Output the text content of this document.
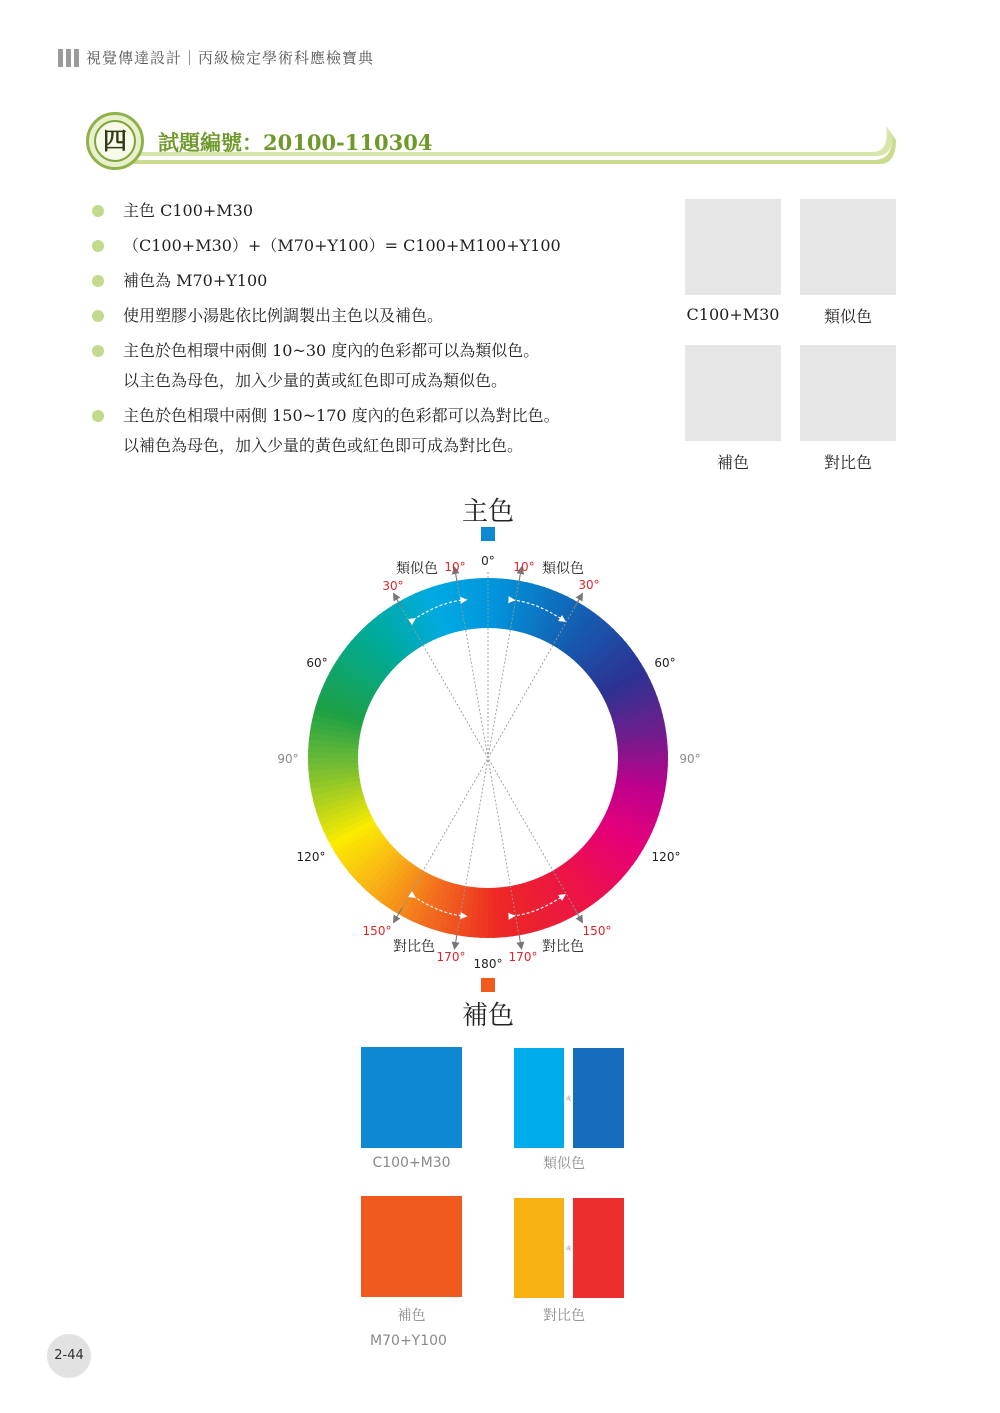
視覺傳達設計｜丙級檢定學術科應檢寶典
四	試題編號：20100-110304
主色 C100+M30
（C100+M30）+（M70+Y100）= C100+M100+Y100
補色為 M70+Y100
使用塑膠小湯匙依比例調製出主色以及補色。
主色於色相環中兩側 10~30 度內的色彩都可以為類似色。
以主色為母色，加入少量的黃或紅色即可成為類似色。
主色於色相環中兩側 150~170 度內的色彩都可以為對比色。
以補色為母色，加入少量的黃色或紅色即可成為對比色。
C100+M30	類似色
補色	對比色
主色
補色
0°
180°
10°	10°
30°	30°
60°	60°
90°	90°
120°	120°
150°	150°
170°	170°
類似色	類似色
對比色	對比色
C100+M30
或
類似色
補色
M70+Y100
或
對比色
2-44
